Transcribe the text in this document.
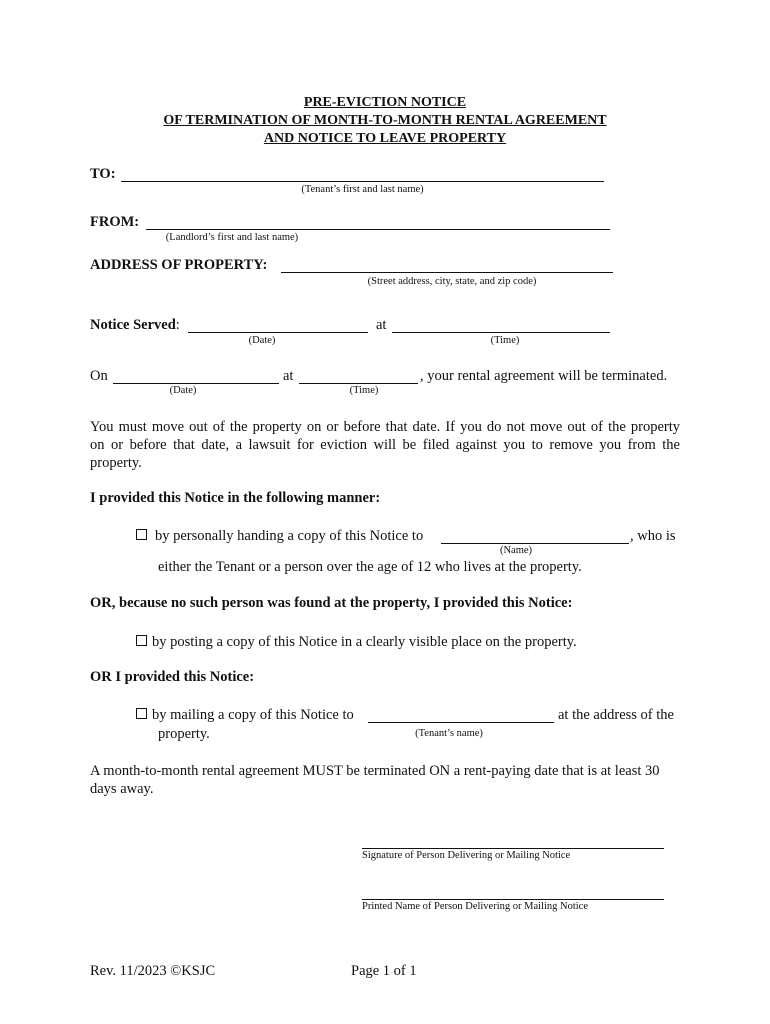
PRE-EVICTION NOTICE
OF TERMINATION OF MONTH-TO-MONTH RENTAL AGREEMENT
AND NOTICE TO LEAVE PROPERTY
TO:
(Tenant’s first and last name)
FROM:
(Landlord’s first and last name)
ADDRESS OF PROPERTY:
(Street address, city, state, and zip code)
Notice Served:	at
(Date)	(Time)
On	at	, your rental agreement will be terminated.
(Date)	(Time)
You must move out of the property on or before that date. If you do not move out of the property
on or before that date, a lawsuit for eviction will be filed against you to remove you from the
property.
I provided this Notice in the following manner:
by personally handing a copy of this Notice to	, who is
(Name)
either the Tenant or a person over the age of 12 who lives at the property.
OR, because no such person was found at the property, I provided this Notice:
by posting a copy of this Notice in a clearly visible place on the property.
OR I provided this Notice:
by mailing a copy of this Notice to	at the address of the
property.	(Tenant’s name)
A month-to-month rental agreement MUST be terminated ON a rent-paying date that is at least 30
days away.
Signature of Person Delivering or Mailing Notice
Printed Name of Person Delivering or Mailing Notice
Rev. 11/2023 ©KSJC	Page 1 of 1
